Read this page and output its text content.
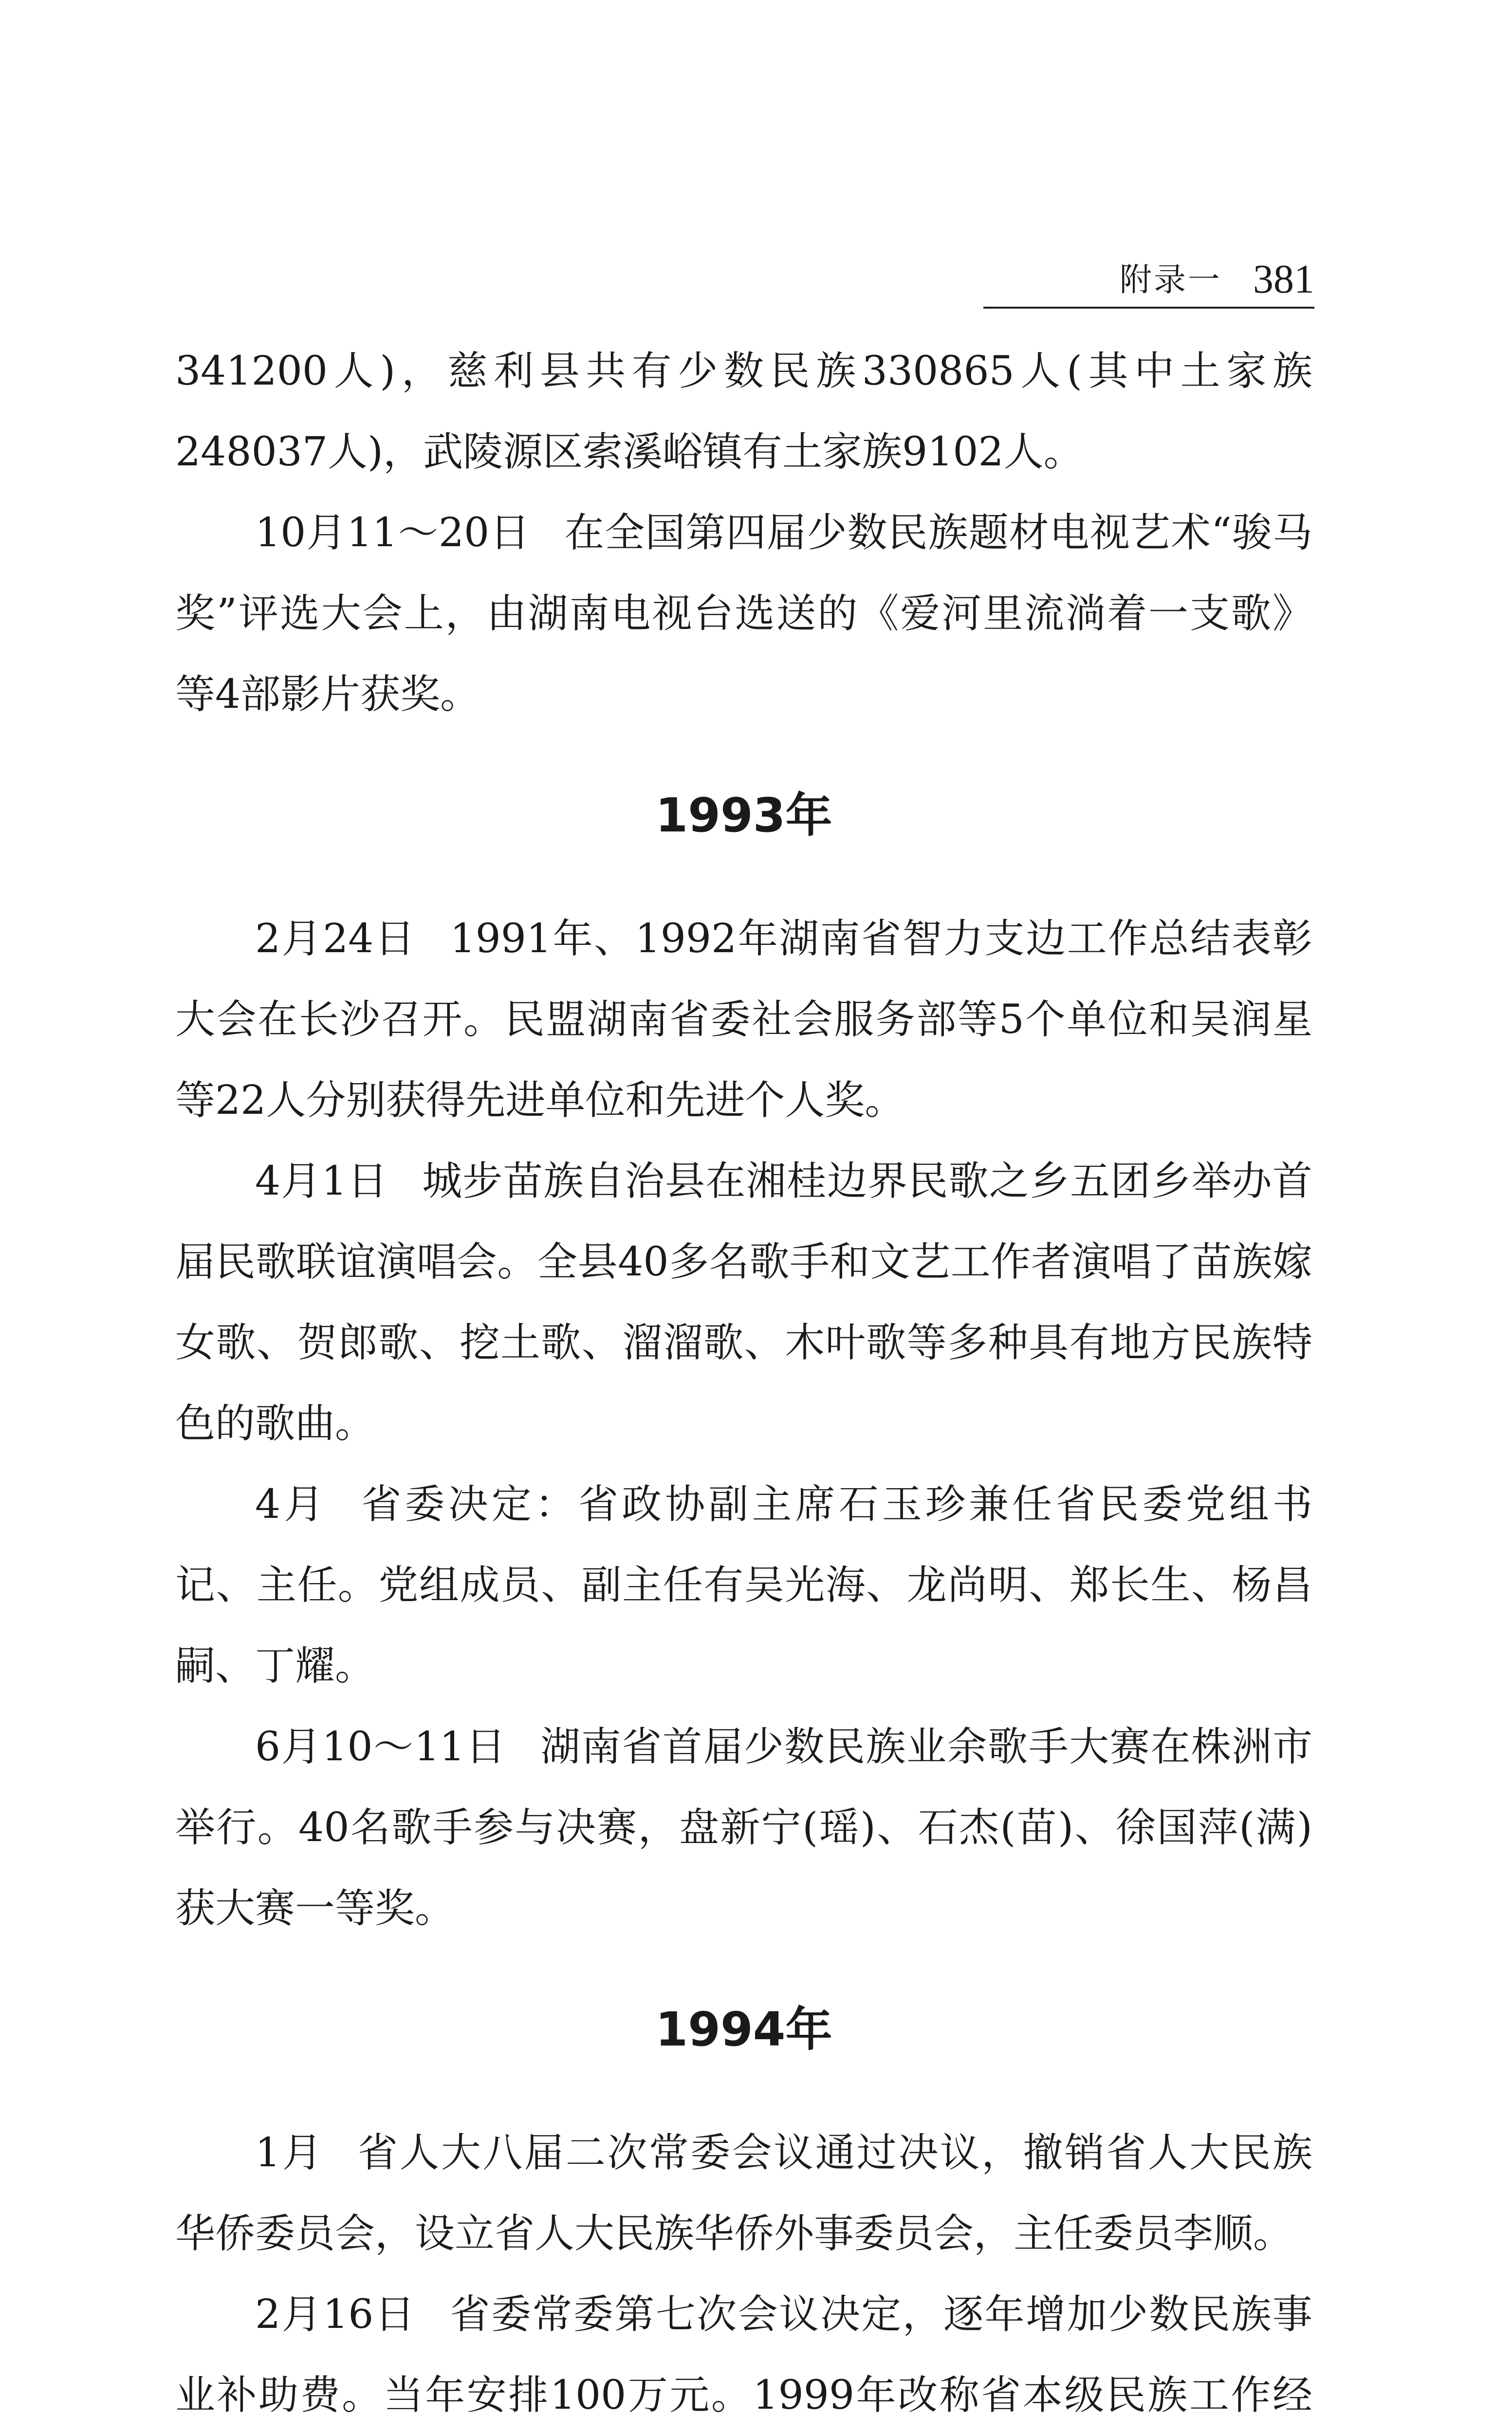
附录一 381

341200人)，慈利县共有少数民族330865人(其中土家族248037人)，武陵源区索溪峪镇有土家族9102人。

10月11～20日 在全国第四届少数民族题材电视艺术“骏马奖”评选大会上，由湖南电视台选送的《爱河里流淌着一支歌》等4部影片获奖。

1993年

2月24日 1991年、1992年湖南省智力支边工作总结表彰大会在长沙召开。民盟湖南省委社会服务部等5个单位和吴润星等22人分别获得先进单位和先进个人奖。

4月1日 城步苗族自治县在湘桂边界民歌之乡五团乡举办首届民歌联谊演唱会。全县40多名歌手和文艺工作者演唱了苗族嫁女歌、贺郎歌、挖土歌、溜溜歌、木叶歌等多种具有地方民族特色的歌曲。

4月 省委决定：省政协副主席石玉珍兼任省民委党组书记、主任。党组成员、副主任有吴光海、龙尚明、郑长生、杨昌嗣、丁耀。

6月10～11日 湖南省首届少数民族业余歌手大赛在株洲市举行。40名歌手参与决赛，盘新宁(瑶)、石杰(苗)、徐国萍(满)获大赛一等奖。

1994年

1月 省人大八届二次常委会议通过决议，撤销省人大民族华侨委员会，设立省人大民族华侨外事委员会，主任委员李顺。

2月16日 省委常委第七次会议决定，逐年增加少数民族事业补助费。当年安排100万元。1999年改称省本级民族工作经
